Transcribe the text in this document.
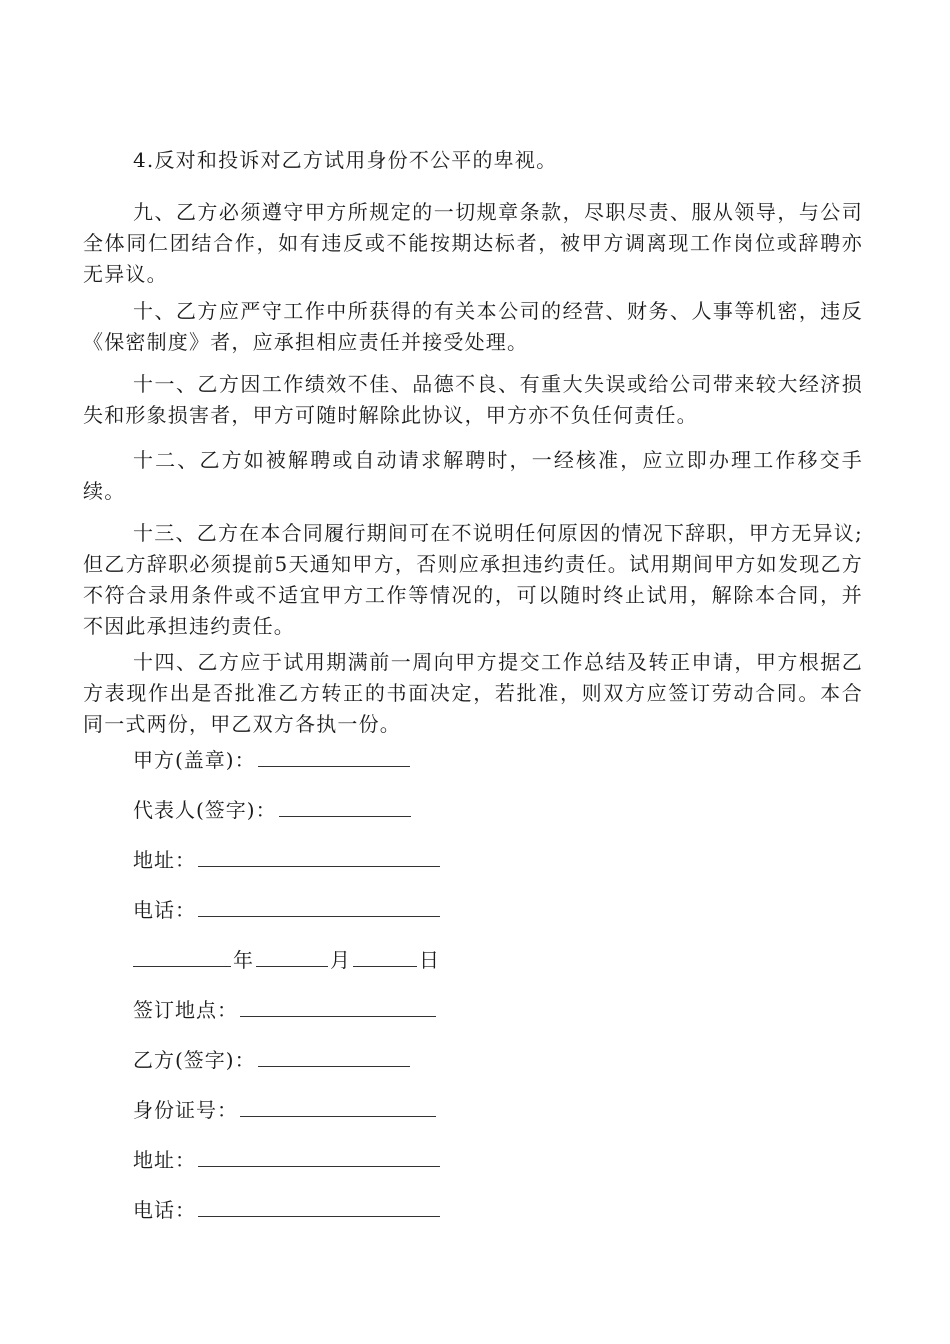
4.反对和投诉对乙方试用身份不公平的卑视。

九、乙方必须遵守甲方所规定的一切规章条款，尽职尽责、服从领导，与公司全体同仁团结合作，如有违反或不能按期达标者，被甲方调离现工作岗位或辞聘亦无异议。

十、乙方应严守工作中所获得的有关本公司的经营、财务、人事等机密，违反《保密制度》者，应承担相应责任并接受处理。

十一、乙方因工作绩效不佳、品德不良、有重大失误或给公司带来较大经济损失和形象损害者，甲方可随时解除此协议，甲方亦不负任何责任。

十二、乙方如被解聘或自动请求解聘时，一经核准，应立即办理工作移交手续。

十三、乙方在本合同履行期间可在不说明任何原因的情况下辞职，甲方无异议;但乙方辞职必须提前5天通知甲方，否则应承担违约责任。试用期间甲方如发现乙方不符合录用条件或不适宜甲方工作等情况的，可以随时终止试用，解除本合同，并不因此承担违约责任。

十四、乙方应于试用期满前一周向甲方提交工作总结及转正申请，甲方根据乙方表现作出是否批准乙方转正的书面决定，若批准，则双方应签订劳动合同。本合同一式两份，甲乙双方各执一份。

甲方(盖章)：
代表人(签字)：
地址：
电话：
年	月	日
签订地点：
乙方(签字)：
身份证号：
地址：
电话：
